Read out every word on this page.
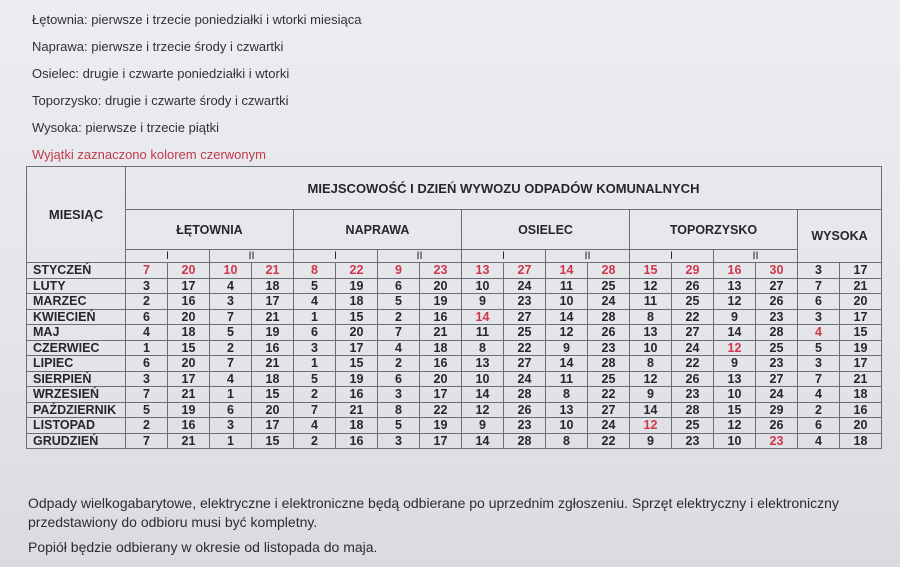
Łętownia: pierwsze i trzecie poniedziałki i wtorki miesiąca
Naprawa: pierwsze i trzecie środy i czwartki
Osielec: drugie i czwarte poniedziałki i wtorki
Toporzysko: drugie i czwarte środy i czwartki
Wysoka: pierwsze i trzecie piątki
Wyjątki zaznaczono kolorem czerwonym
MIESIĄC	MIEJSCOWOŚĆ I DZIEŃ WYWOZU ODPADÓW KOMUNALNYCH																	
	ŁĘTOWNIA				NAPRAWA				OSIELEC				TOPORZYSKO				WYSOKA	
	I		II		I		II		I		II		I		II			
STYCZEŃ	7	20	10	21	8	22	9	23	13	27	14	28	15	29	16	30	3	17
LUTY	3	17	4	18	5	19	6	20	10	24	11	25	12	26	13	27	7	21
MARZEC	2	16	3	17	4	18	5	19	9	23	10	24	11	25	12	26	6	20
KWIECIEŃ	6	20	7	21	1	15	2	16	14	27	14	28	8	22	9	23	3	17
MAJ	4	18	5	19	6	20	7	21	11	25	12	26	13	27	14	28	4	15
CZERWIEC	1	15	2	16	3	17	4	18	8	22	9	23	10	24	12	25	5	19
LIPIEC	6	20	7	21	1	15	2	16	13	27	14	28	8	22	9	23	3	17
SIERPIEŃ	3	17	4	18	5	19	6	20	10	24	11	25	12	26	13	27	7	21
WRZESIEŃ	7	21	1	15	2	16	3	17	14	28	8	22	9	23	10	24	4	18
PAŹDZIERNIK	5	19	6	20	7	21	8	22	12	26	13	27	14	28	15	29	2	16
LISTOPAD	2	16	3	17	4	18	5	19	9	23	10	24	12	25	12	26	6	20
GRUDZIEŃ	7	21	1	15	2	16	3	17	14	28	8	22	9	23	10	23	4	18

Odpady wielkogabarytowe, elektryczne i elektroniczne będą odbierane po uprzednim zgłoszeniu. Sprzęt elektryczny i elektroniczny przedstawiony do odbioru musi być kompletny.

Popiół będzie odbierany w okresie od listopada do maja.
